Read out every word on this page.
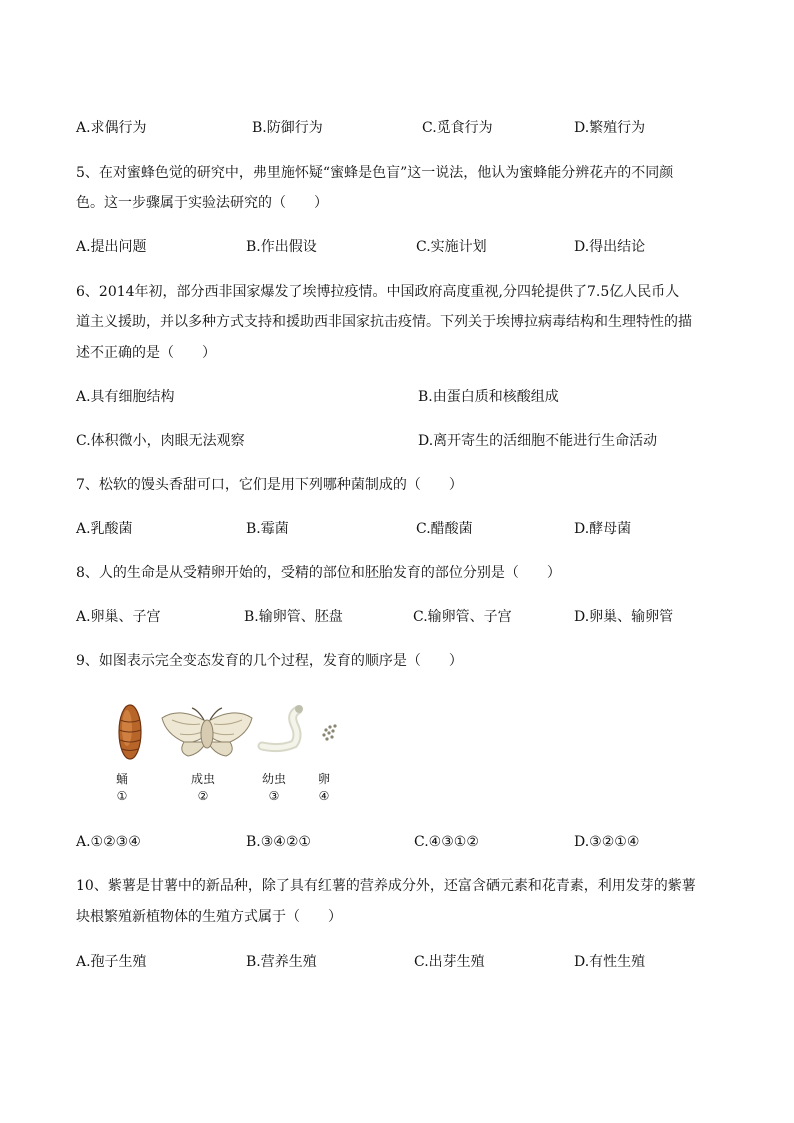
A.求偶行为	B.防御行为	C.觅食行为	D.繁殖行为
5、在对蜜蜂色觉的研究中，弗里施怀疑“蜜蜂是色盲”这一说法，他认为蜜蜂能分辨花卉的不同颜
色。这一步骤属于实验法研究的（　　）
A.提出问题	B.作出假设	C.实施计划	D.得出结论
6、2014年初，部分西非国家爆发了埃博拉疫情。中国政府高度重视,分四轮提供了7.5亿人民币人
道主义援助，并以多种方式支持和援助西非国家抗击疫情。下列关于埃博拉病毒结构和生理特性的描
述不正确的是（　　）
A.具有细胞结构	B.由蛋白质和核酸组成
C.体积微小，肉眼无法观察	D.离开寄生的活细胞不能进行生命活动
7、松软的馒头香甜可口，它们是用下列哪种菌制成的（　　）
A.乳酸菌	B.霉菌	C.醋酸菌	D.酵母菌
8、人的生命是从受精卵开始的，受精的部位和胚胎发育的部位分别是（　　）
A.卵巢、子宫	B.输卵管、胚盘	C.输卵管、子宫	D.卵巢、输卵管
9、如图表示完全变态发育的几个过程，发育的顺序是（　　）
蛹	成虫	幼虫	卵
①	②	③	④
A.①②③④	B.③④②①	C.④③①②	D.③②①④
10、紫薯是甘薯中的新品种，除了具有红薯的营养成分外，还富含硒元素和花青素，利用发芽的紫薯
块根繁殖新植物体的生殖方式属于（　　）
A.孢子生殖	B.营养生殖	C.出芽生殖	D.有性生殖
